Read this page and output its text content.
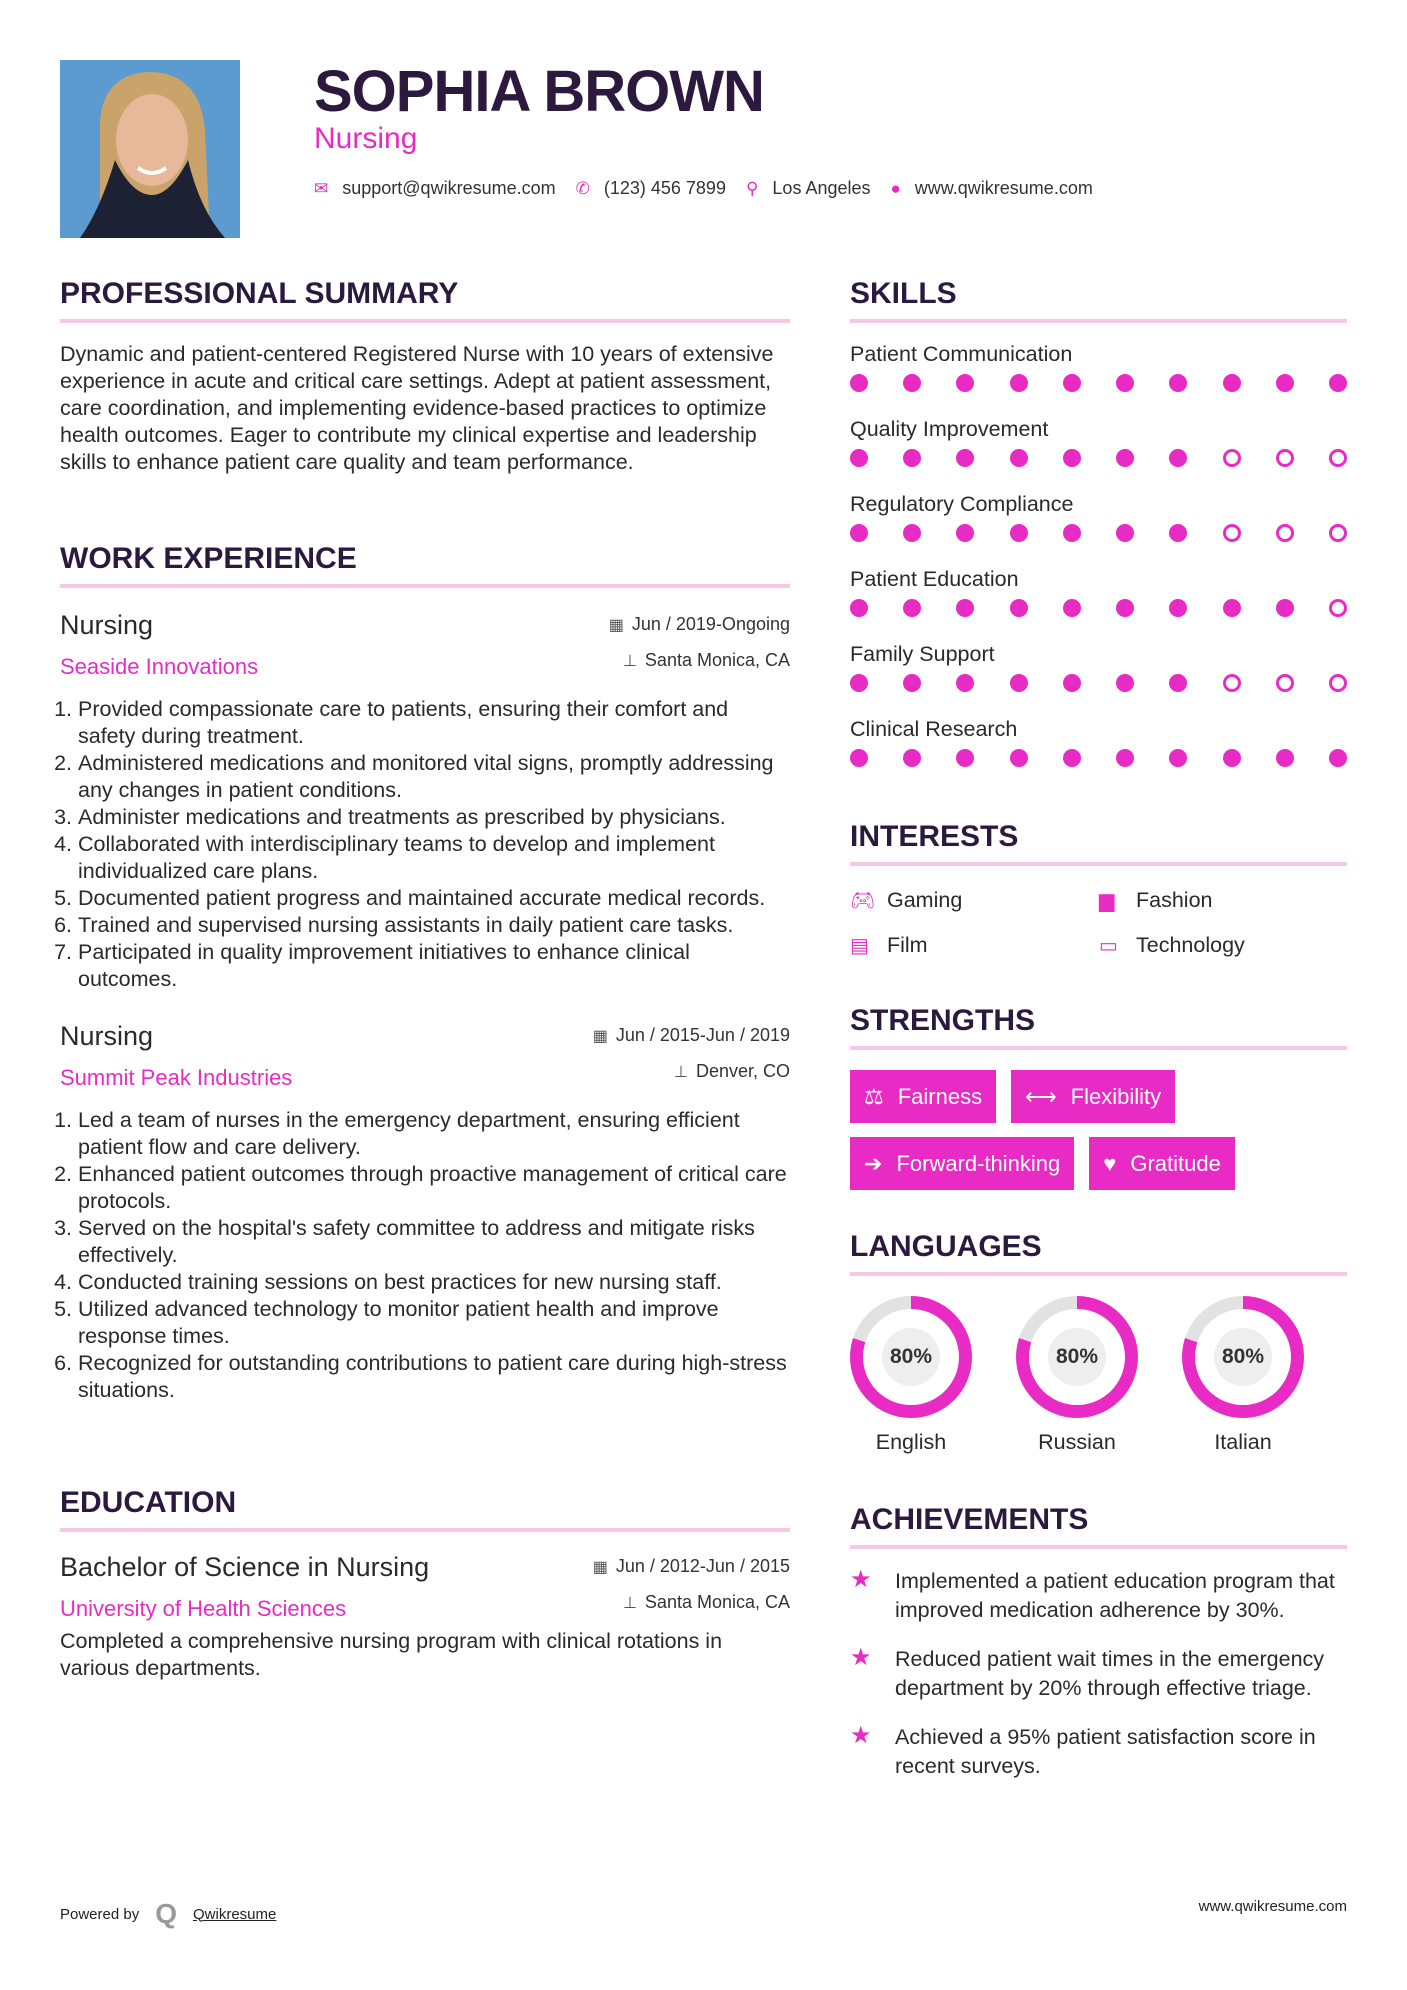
SOPHIA BROWN
Nursing
✉ support@qwikresume.com ✆ (123) 456 7899 ⚲ Los Angeles ● www.qwikresume.com
PROFESSIONAL SUMMARY

Dynamic and patient-centered Registered Nurse with 10 years of extensive experience in acute and critical care settings. Adept at patient assessment, care coordination, and implementing evidence-based practices to optimize health outcomes. Eager to contribute my clinical expertise and leadership skills to enhance patient care quality and team performance.

WORK EXPERIENCE
Nursing
Seaside Innovations
▦ Jun / 2019-Ongoing
⊥ Santa Monica, CA
1. Provided compassionate care to patients, ensuring their comfort and safety during treatment.
2. Administered medications and monitored vital signs, promptly addressing any changes in patient conditions.
3. Administer medications and treatments as prescribed by physicians.
4. Collaborated with interdisciplinary teams to develop and implement individualized care plans.
5. Documented patient progress and maintained accurate medical records.
6. Trained and supervised nursing assistants in daily patient care tasks.
7. Participated in quality improvement initiatives to enhance clinical outcomes.
Nursing
Summit Peak Industries
▦ Jun / 2015-Jun / 2019
⊥ Denver, CO
1. Led a team of nurses in the emergency department, ensuring efficient patient flow and care delivery.
2. Enhanced patient outcomes through proactive management of critical care protocols.
3. Served on the hospital's safety committee to address and mitigate risks effectively.
4. Conducted training sessions on best practices for new nursing staff.
5. Utilized advanced technology to monitor patient health and improve response times.
6. Recognized for outstanding contributions to patient care during high-stress situations.
EDUCATION
Bachelor of Science in Nursing
University of Health Sciences
▦ Jun / 2012-Jun / 2015
⊥ Santa Monica, CA

Completed a comprehensive nursing program with clinical rotations in various departments.

SKILLS
Patient Communication
Quality Improvement
Regulatory Compliance
Patient Education
Family Support
Clinical Research
INTERESTS
🎮︎ Gaming	▆	Fashion
▤ Film	▭ Technology
STRENGTHS
⚖ Fairness ⟷ Flexibility
➔ Forward-thinking ♥ Gratitude
LANGUAGES
80%
English
80%
Russian
80%
Italian
ACHIEVEMENTS
★	Implemented a patient education program that improved medication adherence by 30%.
★	Reduced patient wait times in the emergency department by 20% through effective triage.
★	Achieved a 95% patient satisfaction score in recent surveys.
Powered by Q Qwikresume	www.qwikresume.com
